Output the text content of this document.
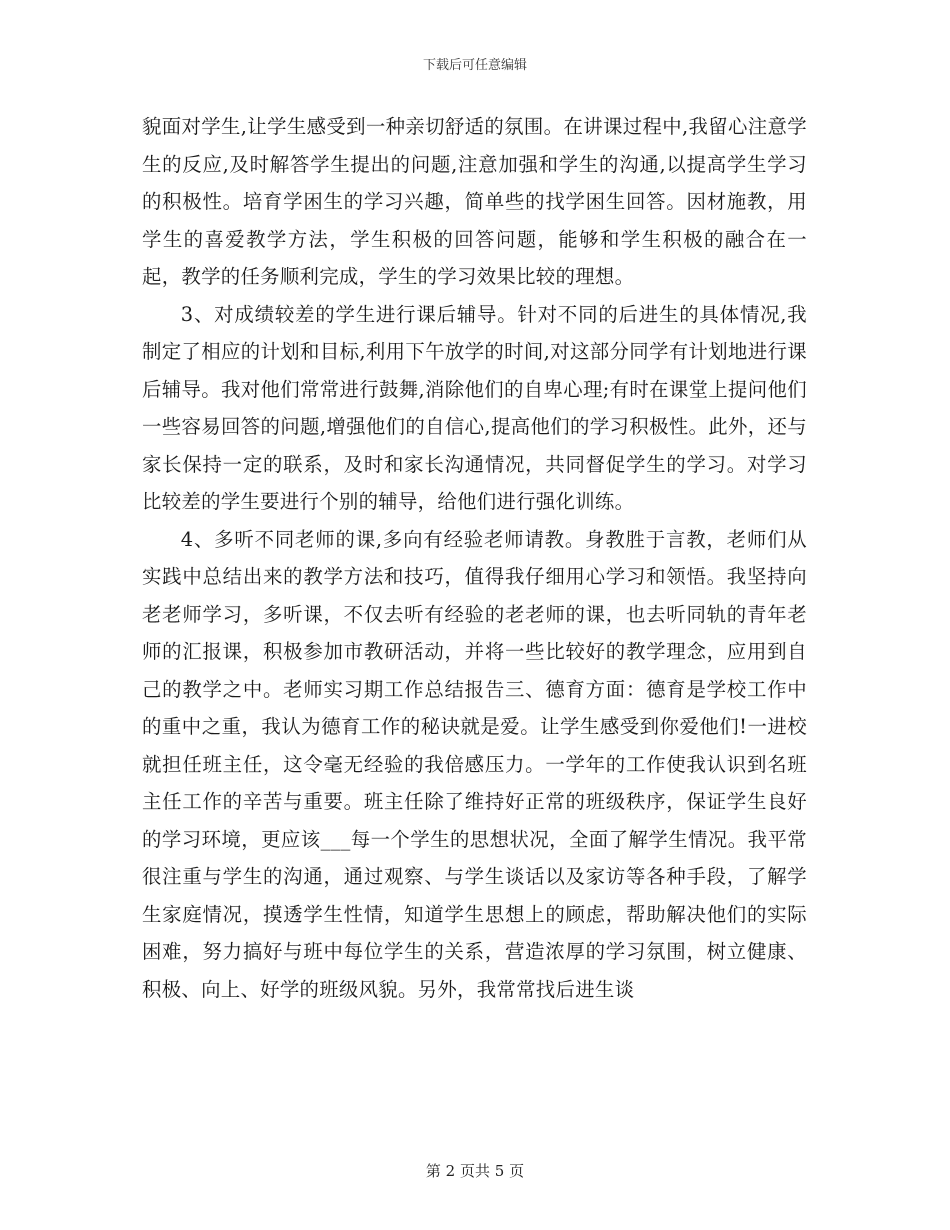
下载后可任意编辑

貌面对学生,让学生感受到一种亲切舒适的氛围。在讲课过程中,我留心注意学生的反应,及时解答学生提出的问题,注意加强和学生的沟通,以提高学生学习的积极性。培育学困生的学习兴趣，简单些的找学困生回答。因材施教，用学生的喜爱教学方法，学生积极的回答问题，能够和学生积极的融合在一起，教学的任务顺利完成，学生的学习效果比较的理想。

3、对成绩较差的学生进行课后辅导。针对不同的后进生的具体情况,我制定了相应的计划和目标,利用下午放学的时间,对这部分同学有计划地进行课后辅导。我对他们常常进行鼓舞,消除他们的自卑心理;有时在课堂上提问他们一些容易回答的问题,增强他们的自信心,提高他们的学习积极性。此外，还与家长保持一定的联系，及时和家长沟通情况，共同督促学生的学习。对学习比较差的学生要进行个别的辅导，给他们进行强化训练。

4、多听不同老师的课,多向有经验老师请教。身教胜于言教，老师们从实践中总结出来的教学方法和技巧，值得我仔细用心学习和领悟。我坚持向老老师学习，多听课，不仅去听有经验的老老师的课，也去听同轨的青年老师的汇报课，积极参加市教研活动，并将一些比较好的教学理念，应用到自己的教学之中。老师实习期工作总结报告三、德育方面：德育是学校工作中的重中之重，我认为德育工作的秘诀就是爱。让学生感受到你爱他们!一进校就担任班主任，这令毫无经验的我倍感压力。一学年的工作使我认识到名班主任工作的辛苦与重要。班主任除了维持好正常的班级秩序，保证学生良好的学习环境，更应该___每一个学生的思想状况，全面了解学生情况。我平常很注重与学生的沟通，通过观察、与学生谈话以及家访等各种手段，了解学生家庭情况，摸透学生性情，知道学生思想上的顾虑，帮助解决他们的实际困难，努力搞好与班中每位学生的关系，营造浓厚的学习氛围，树立健康、积极、向上、好学的班级风貌。另外，我常常找后进生谈

第 2 页共 5 页
